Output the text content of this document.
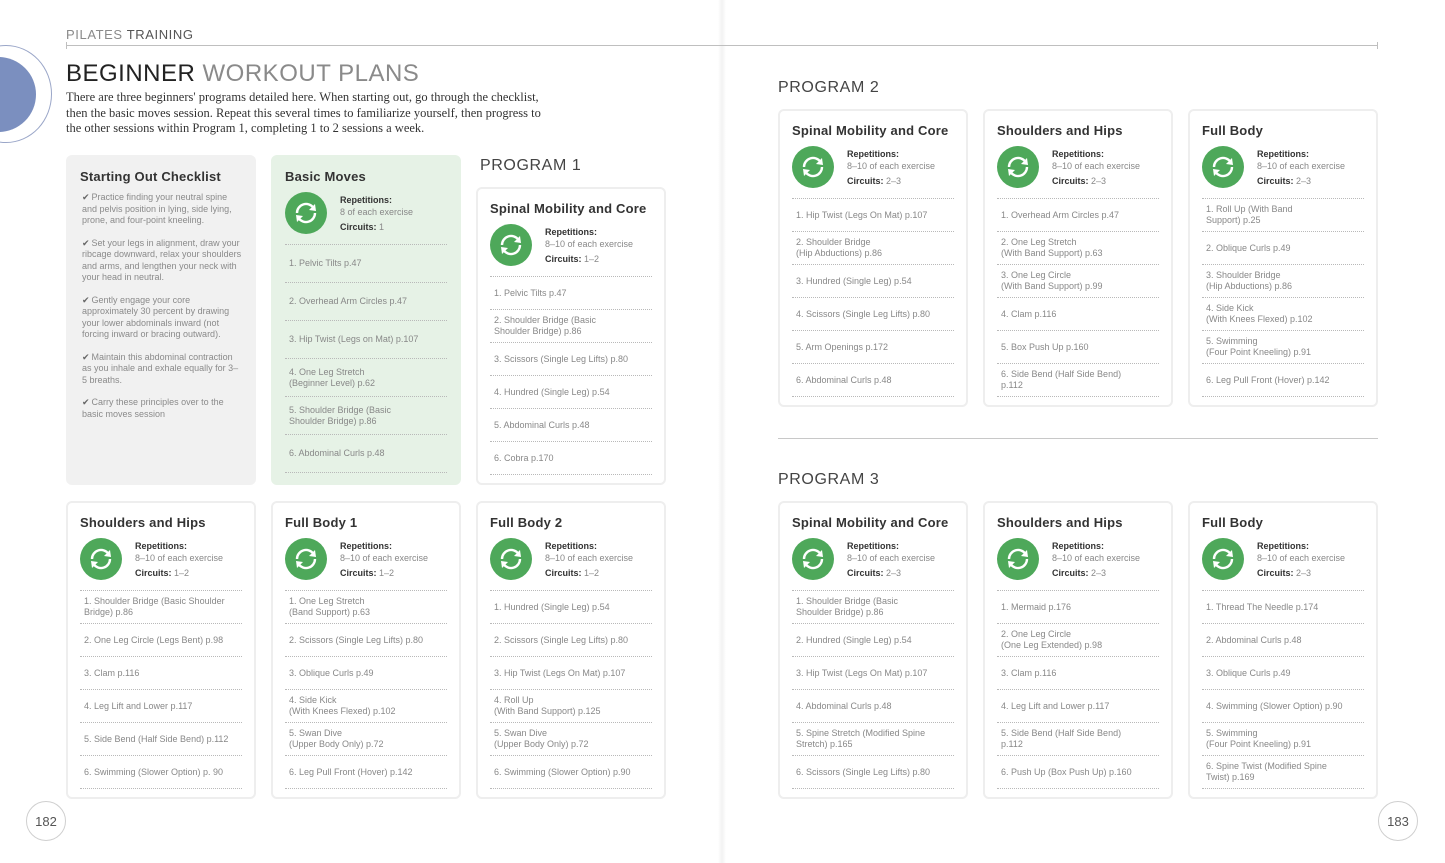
PILATES TRAINING
BEGINNER WORKOUT PLANS

There are three beginners' programs detailed here. When starting out, go through the checklist, then the basic moves session. Repeat this several times to familiarize yourself, then progress to the other sessions within Program 1, completing 1 to 2 sessions a week.

PROGRAM 1
PROGRAM 2
PROGRAM 3
Starting Out Checklist
✔ Practice finding your neutral spine and pelvis position in lying, side lying, prone, and four-point kneeling.
✔ Set your legs in alignment, draw your ribcage downward, relax your shoulders and arms, and lengthen your neck with your head in neutral.
✔ Gently engage your core approximately 30 percent by drawing your lower abdominals inward (not forcing inward or bracing outward).
✔ Maintain this abdominal contraction as you inhale and exhale equally for 3–5 breaths.
✔ Carry these principles over to the basic moves session
Basic Moves
Repetitions:
8 of each exercise
Circuits: 1
1. Pelvic Tilts p.47
2. Overhead Arm Circles p.47
3. Hip Twist (Legs on Mat) p.107
4. One Leg Stretch
(Beginner Level) p.62
5. Shoulder Bridge (Basic
Shoulder Bridge) p.86
6. Abdominal Curls p.48
Spinal Mobility and Core
Repetitions:
8–10 of each exercise
Circuits: 1–2
1. Pelvic Tilts p.47
2. Shoulder Bridge (Basic
Shoulder Bridge) p.86
3. Scissors (Single Leg Lifts) p.80
4. Hundred (Single Leg) p.54
5. Abdominal Curls p.48
6. Cobra p.170
Shoulders and Hips
Repetitions:
8–10 of each exercise
Circuits: 1–2
1. Shoulder Bridge (Basic Shoulder
Bridge) p.86
2. One Leg Circle (Legs Bent) p.98
3. Clam p.116
4. Leg Lift and Lower p.117
5. Side Bend (Half Side Bend) p.112
6. Swimming (Slower Option) p. 90
Full Body 1
Repetitions:
8–10 of each exercise
Circuits: 1–2
1. One Leg Stretch
(Band Support) p.63
2. Scissors (Single Leg Lifts) p.80
3. Oblique Curls p.49
4. Side Kick
(With Knees Flexed) p.102
5. Swan Dive
(Upper Body Only) p.72
6. Leg Pull Front (Hover) p.142
Full Body 2
Repetitions:
8–10 of each exercise
Circuits: 1–2
1. Hundred (Single Leg) p.54
2. Scissors (Single Leg Lifts) p.80
3. Hip Twist (Legs On Mat) p.107
4. Roll Up
(With Band Support) p.125
5. Swan Dive
(Upper Body Only) p.72
6. Swimming (Slower Option) p.90
Spinal Mobility and Core
Repetitions:
8–10 of each exercise
Circuits: 2–3
1. Hip Twist (Legs On Mat) p.107
2. Shoulder Bridge
(Hip Abductions) p.86
3. Hundred (Single Leg) p.54
4. Scissors (Single Leg Lifts) p.80
5. Arm Openings p.172
6. Abdominal Curls p.48
Shoulders and Hips
Repetitions:
8–10 of each exercise
Circuits: 2–3
1. Overhead Arm Circles p.47
2. One Leg Stretch
(With Band Support) p.63
3. One Leg Circle
(With Band Support) p.99
4. Clam p.116
5. Box Push Up p.160
6. Side Bend (Half Side Bend)
p.112
Full Body
Repetitions:
8–10 of each exercise
Circuits: 2–3
1. Roll Up (With Band
Support) p.25
2. Oblique Curls p.49
3. Shoulder Bridge
(Hip Abductions) p.86
4. Side Kick
(With Knees Flexed) p.102
5. Swimming
(Four Point Kneeling) p.91
6. Leg Pull Front (Hover) p.142
Spinal Mobility and Core
Repetitions:
8–10 of each exercise
Circuits: 2–3
1. Shoulder Bridge (Basic
Shoulder Bridge) p.86
2. Hundred (Single Leg) p.54
3. Hip Twist (Legs On Mat) p.107
4. Abdominal Curls p.48
5. Spine Stretch (Modified Spine
Stretch) p.165
6. Scissors (Single Leg Lifts) p.80
Shoulders and Hips
Repetitions:
8–10 of each exercise
Circuits: 2–3
1. Mermaid p.176
2. One Leg Circle
(One Leg Extended) p.98
3. Clam p.116
4. Leg Lift and Lower p.117
5. Side Bend (Half Side Bend)
p.112
6. Push Up (Box Push Up) p.160
Full Body
Repetitions:
8–10 of each exercise
Circuits: 2–3
1. Thread The Needle p.174
2. Abdominal Curls p.48
3. Oblique Curls p.49
4. Swimming (Slower Option) p.90
5. Swimming
(Four Point Kneeling) p.91
6. Spine Twist (Modified Spine
Twist) p.169
182	183
